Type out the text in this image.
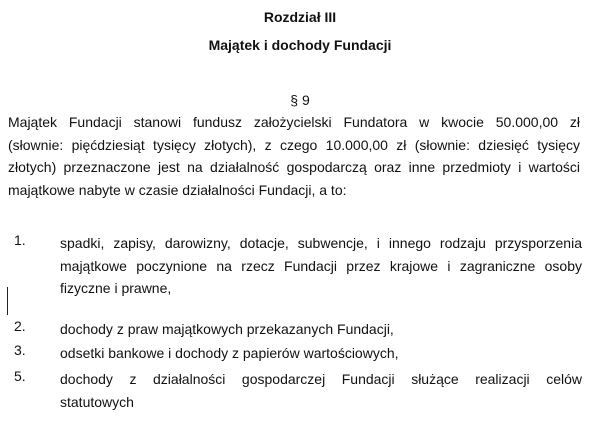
Rozdział III
Majątek i dochody Fundacji
§ 9
Majątek Fundacji stanowi fundusz założycielski Fundatora w kwocie 50.000,00 zł
(słownie: pięćdziesiąt tysięcy złotych), z czego 10.000,00 zł (słownie: dziesięć tysięcy
złotych) przeznaczone jest na działalność gospodarczą oraz inne przedmioty i wartości
majątkowe nabyte w czasie działalności Fundacji, a to:
1. spadki, zapisy, darowizny, dotacje, subwencje, i innego rodzaju przysporzenia
majątkowe poczynione na rzecz Fundacji przez krajowe i zagraniczne osoby
fizyczne i prawne,
2. dochody z praw majątkowych przekazanych Fundacji,
3. odsetki bankowe i dochody z papierów wartościowych,
5. dochody z działalności gospodarczej Fundacji służące realizacji celów
statutowych
